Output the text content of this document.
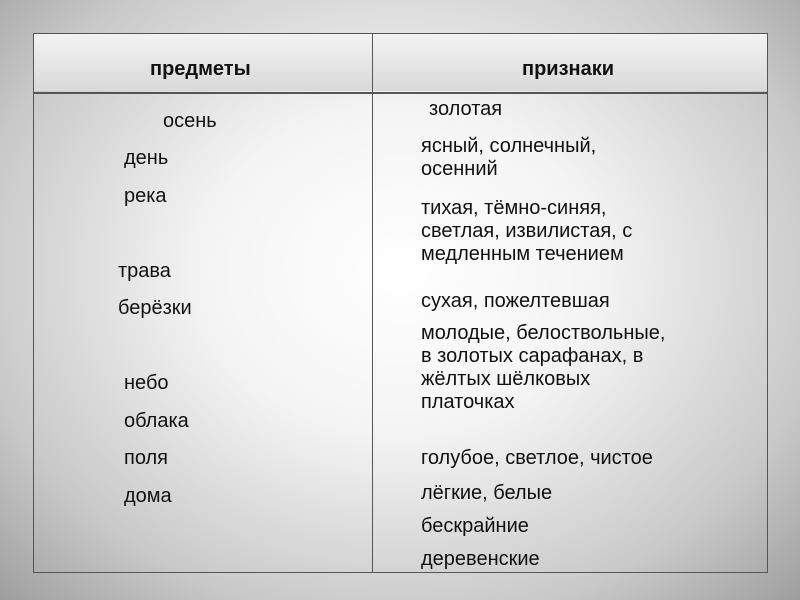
предметы	признаки
осень
день
река
трава
берёзки
небо
облака
поля
дома
золотая
ясный, солнечный,
осенний
тихая, тёмно-синяя,
светлая, извилистая, с
медленным течением
сухая, пожелтевшая
молодые, белоствольные,
в золотых сарафанах, в
жёлтых шёлковых
платочках
голубое, светлое, чистое
лёгкие, белые
бескрайние
деревенские
